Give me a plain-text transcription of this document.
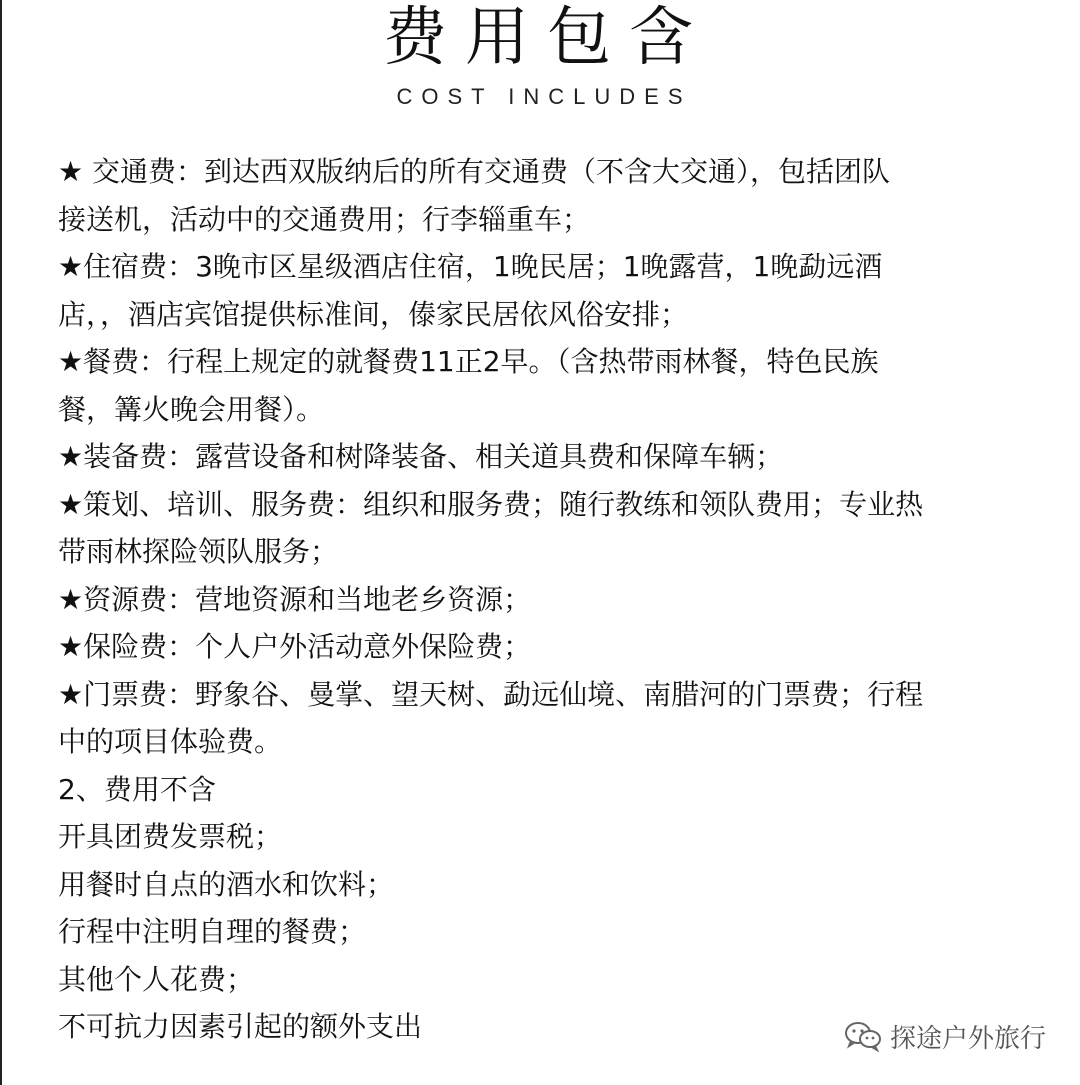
费用包含
COST INCLUDES
★ 交通费：到达西双版纳后的所有交通费（不含大交通），包括团队
接送机，活动中的交通费用；行李辎重车；
★住宿费：3晚市区星级酒店住宿，1晚民居；1晚露营，1晚勐远酒
店，，酒店宾馆提供标准间，傣家民居依风俗安排；
★餐费：行程上规定的就餐费11正2早。（含热带雨林餐，特色民族
餐，篝火晚会用餐）。
★装备费：露营设备和树降装备、相关道具费和保障车辆；
★策划、培训、服务费：组织和服务费；随行教练和领队费用；专业热
带雨林探险领队服务；
★资源费：营地资源和当地老乡资源；
★保险费：个人户外活动意外保险费；
★门票费：野象谷、曼掌、望天树、勐远仙境、南腊河的门票费；行程
中的项目体验费。
2、费用不含
开具团费发票税；
用餐时自点的酒水和饮料；
行程中注明自理的餐费；
其他个人花费；
不可抗力因素引起的额外支出	探途户外旅行
